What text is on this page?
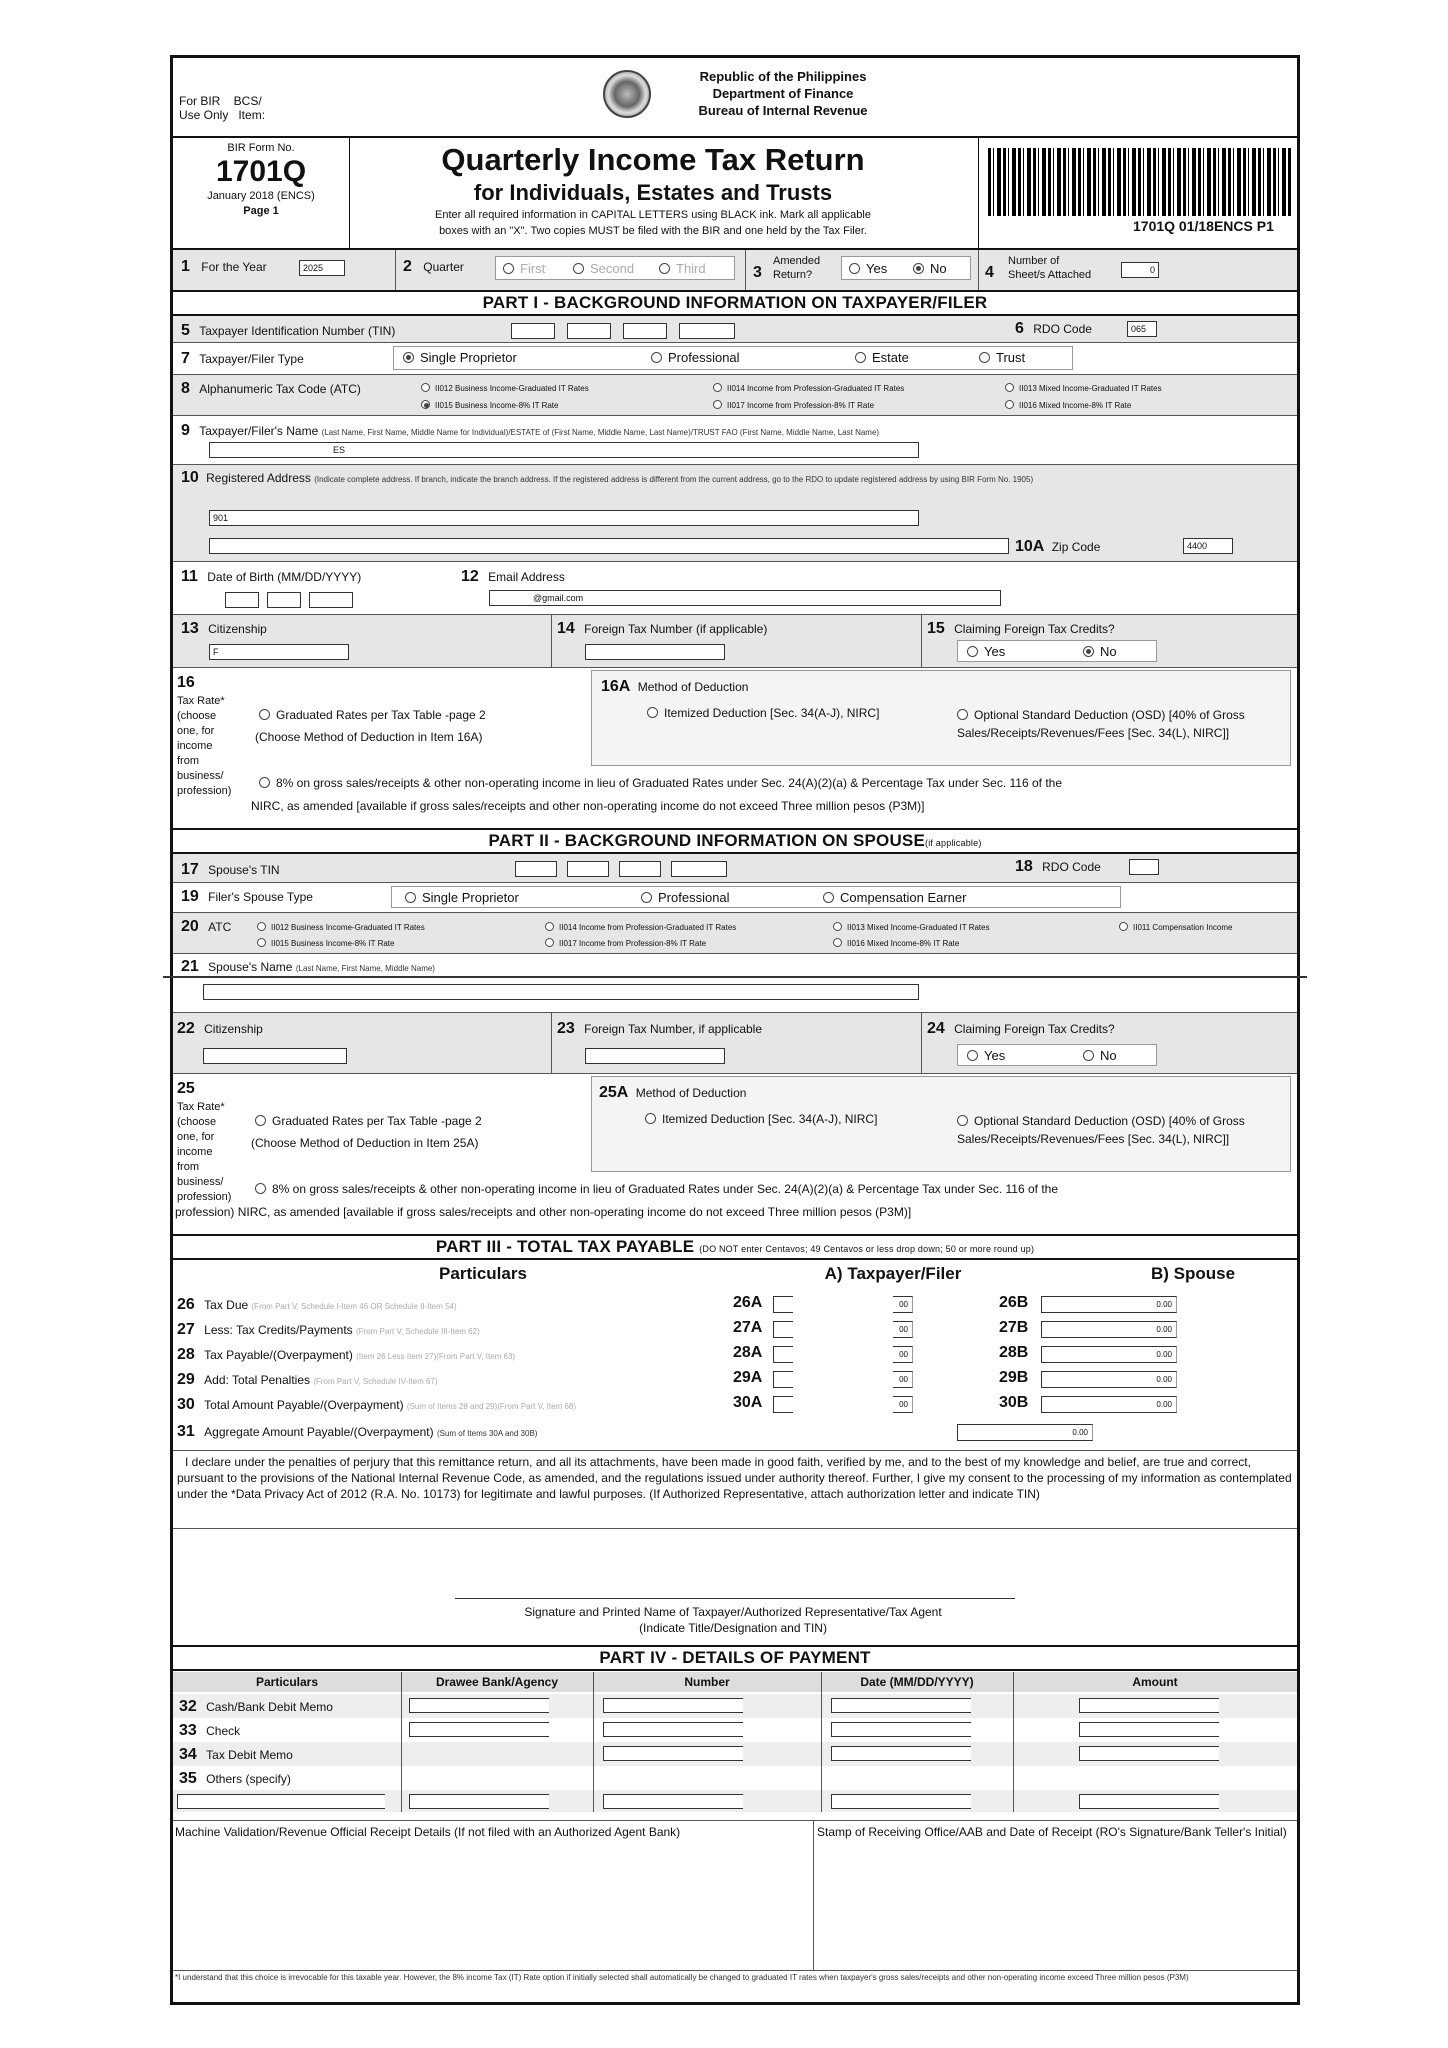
For BIR    BCS/
Use Only   Item:
Republic of the Philippines
Department of Finance
Bureau of Internal Revenue
BIR Form No.
1701Q
January 2018 (ENCS)
Page 1
Quarterly Income Tax Return
for Individuals, Estates and Trusts
Enter all required information in CAPITAL LETTERS using BLACK ink. Mark all applicable
boxes with an "X". Two copies MUST be filed with the BIR and one held by the Tax Filer.	1701Q 01/18ENCS P1
1 For the Year	2025	2 Quarter	First	Second	Third	3
Amended
Return?	Yes	No 4
Number of
Sheet/s Attached	0
PART I - BACKGROUND INFORMATION ON TAXPAYER/FILER
5 Taxpayer Identification Number (TIN)	6 RDO Code	065
7 Taxpayer/Filer Type	Single Proprietor	Professional	Estate	Trust
8 Alphanumeric Tax Code (ATC)	II012 Business Income-Graduated IT Rates	II014 Income from Profession-Graduated IT Rates	II013 Mixed Income-Graduated IT Rates
II015 Business Income-8% IT Rate	II017 Income from Profession-8% IT Rate	II016 Mixed Income-8% IT Rate
9 Taxpayer/Filer's Name (Last Name, First Name, Middle Name for Individual)/ESTATE of (First Name, Middle Name, Last Name)/TRUST FAO (First Name, Middle Name, Last Name)
ES
10 Registered Address (Indicate complete address. If branch, indicate the branch address. If the registered address is different from the current address, go to the RDO to update registered address by using BIR Form No. 1905)
901
10A Zip Code	4400
11 Date of Birth (MM/DD/YYYY)	12 Email Address
@gmail.com
13 Citizenship
F
14 Foreign Tax Number (if applicable)	15 Claiming Foreign Tax Credits?
Yes	No
16
Tax Rate*
(choose
one, for
income
from
business/
profession)
Graduated Rates per Tax Table -page 2
(Choose Method of Deduction in Item 16A)
16A Method of Deduction
Itemized Deduction [Sec. 34(A-J), NIRC]	Optional Standard Deduction (OSD) [40% of Gross Sales/Receipts/Revenues/Fees [Sec. 34(L), NIRC]]
8% on gross sales/receipts & other non-operating income in lieu of Graduated Rates under Sec. 24(A)(2)(a) & Percentage Tax under Sec. 116 of the
NIRC, as amended [available if gross sales/receipts and other non-operating income do not exceed Three million pesos (P3M)]
PART II - BACKGROUND INFORMATION ON SPOUSE(if applicable)
17 Spouse's TIN	18 RDO Code
19 Filer's Spouse Type	Single Proprietor	Professional	Compensation Earner
20 ATC	II012 Business Income-Graduated IT Rates	II014 Income from Profession-Graduated IT Rates	II013 Mixed Income-Graduated IT Rates	II011 Compensation Income
II015 Business Income-8% IT Rate	II017 Income from Profession-8% IT Rate	II016 Mixed Income-8% IT Rate
21 Spouse's Name (Last Name, First Name, Middle Name)
22 Citizenship	23 Foreign Tax Number, if applicable	24 Claiming Foreign Tax Credits?
Yes	No
25
Tax Rate*
(choose
one, for
income
from
business/
profession)
Graduated Rates per Tax Table -page 2
(Choose Method of Deduction in Item 25A)
25A Method of Deduction
Itemized Deduction [Sec. 34(A-J), NIRC]	Optional Standard Deduction (OSD) [40% of Gross Sales/Receipts/Revenues/Fees [Sec. 34(L), NIRC]]
8% on gross sales/receipts & other non-operating income in lieu of Graduated Rates under Sec. 24(A)(2)(a) & Percentage Tax under Sec. 116 of the
profession) NIRC, as amended [available if gross sales/receipts and other non-operating income do not exceed Three million pesos (P3M)]
PART III - TOTAL TAX PAYABLE (DO NOT enter Centavos; 49 Centavos or less drop down; 50 or more round up)
Particulars	A) Taxpayer/Filer	B) Spouse
26 Tax Due (From Part V, Schedule I-Item 46 OR Schedule II-Item 54)	26A	00	26B	0.00
27 Less: Tax Credits/Payments (From Part V, Schedule III-Item 62)	27A	00	27B	0.00
28 Tax Payable/(Overpayment) (Item 26 Less Item 27)(From Part V, Item 63)	28A	00	28B	0.00
29 Add: Total Penalties (From Part V, Schedule IV-Item 67)	29A	00	29B	0.00
30 Total Amount Payable/(Overpayment) (Sum of Items 28 and 29)(From Part V, Item 68)	30A	00	30B	0.00
31 Aggregate Amount Payable/(Overpayment) (Sum of Items 30A and 30B)	0.00
I declare under the penalties of perjury that this remittance return, and all its attachments, have been made in good faith, verified by me, and to the best of my knowledge and belief, are true and correct, pursuant to the provisions of the National Internal Revenue Code, as amended, and the regulations issued under authority thereof. Further, I give my consent to the processing of my information as contemplated under the *Data Privacy Act of 2012 (R.A. No. 10173) for legitimate and lawful purposes. (If Authorized Representative, attach authorization letter and indicate TIN)
Signature and Printed Name of Taxpayer/Authorized Representative/Tax Agent
(Indicate Title/Designation and TIN)
PART IV - DETAILS OF PAYMENT
Particulars	Drawee Bank/Agency	Number	Date (MM/DD/YYYY)	Amount
32 Cash/Bank Debit Memo
33 Check
34 Tax Debit Memo
35 Others (specify)
Machine Validation/Revenue Official Receipt Details (If not filed with an Authorized Agent Bank)	Stamp of Receiving Office/AAB and Date of Receipt (RO's Signature/Bank Teller's Initial)
*I understand that this choice is irrevocable for this taxable year. However, the 8% income Tax (IT) Rate option if initially selected shall automatically be changed to graduated IT rates when taxpayer's gross sales/receipts and other non-operating income exceed Three million pesos (P3M)
